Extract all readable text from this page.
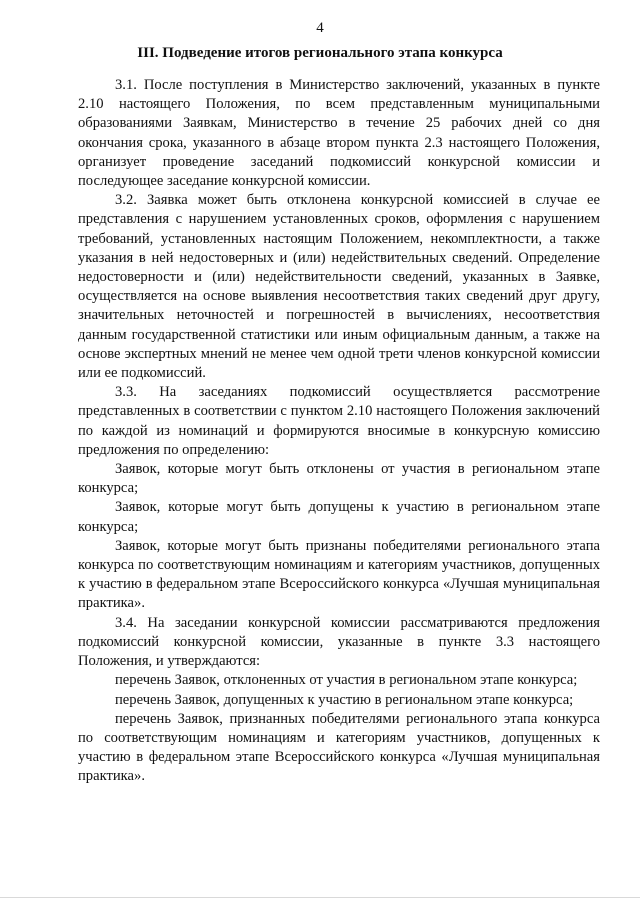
4
III. Подведение итогов регионального этапа конкурса

3.1. После поступления в Министерство заключений, указанных в пункте 2.10 настоящего Положения, по всем представленным муниципальными образованиями Заявкам, Министерство в течение 25 рабочих дней со дня окончания срока, указанного в абзаце втором пункта 2.3 настоящего Положения, организует проведение заседаний подкомиссий конкурсной комиссии и последующее заседание конкурсной комиссии.

3.2. Заявка может быть отклонена конкурсной комиссией в случае ее представления с нарушением установленных сроков, оформления с нарушением требований, установленных настоящим Положением, некомплектности, а также указания в ней недостоверных и (или) недействительных сведений. Определение недостоверности и (или) недействительности сведений, указанных в Заявке, осуществляется на основе выявления несоответствия таких сведений друг другу, значительных неточностей и погрешностей в вычислениях, несоответствия данным государственной статистики или иным официальным данным, а также на основе экспертных мнений не менее чем одной трети членов конкурсной комиссии или ее подкомиссий.

3.3. На заседаниях подкомиссий осуществляется рассмотрение представленных в соответствии с пунктом 2.10 настоящего Положения заключений по каждой из номинаций и формируются вносимые в конкурсную комиссию предложения по определению:

Заявок, которые могут быть отклонены от участия в региональном этапе конкурса;

Заявок, которые могут быть допущены к участию в региональном этапе конкурса;

Заявок, которые могут быть признаны победителями регионального этапа конкурса по соответствующим номинациям и категориям участников, допущенных к участию в федеральном этапе Всероссийского конкурса «Лучшая муниципальная практика».

3.4. На заседании конкурсной комиссии рассматриваются предложения подкомиссий конкурсной комиссии, указанные в пункте 3.3 настоящего Положения, и утверждаются:

перечень Заявок, отклоненных от участия в региональном этапе конкурса;

перечень Заявок, допущенных к участию в региональном этапе конкурса;

перечень Заявок, признанных победителями регионального этапа конкурса по соответствующим номинациям и категориям участников, допущенных к участию в федеральном этапе Всероссийского конкурса «Лучшая муниципальная практика».
